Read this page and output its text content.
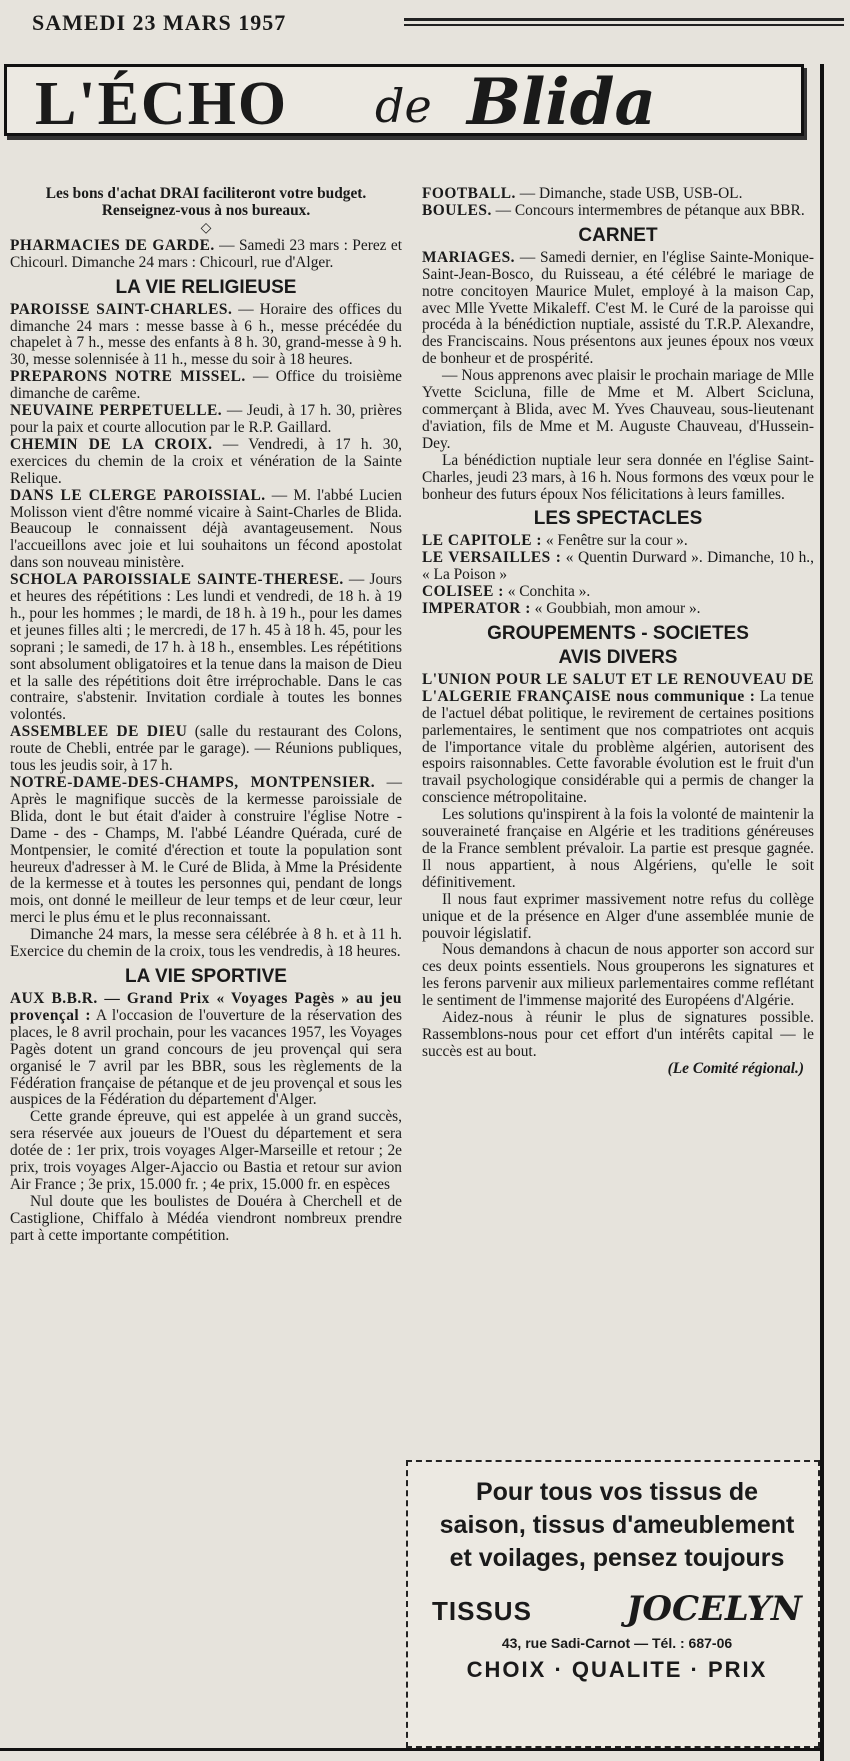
SAMEDI 23 MARS 1957
L'ÉCHO de Blida

Les bons d'achat DRAI faciliteront votre budget. Renseignez-vous à nos bureaux.

◇

PHARMACIES DE GARDE. — Samedi 23 mars : Perez et Chicourl. Dimanche 24 mars : Chicourl, rue d'Alger.

LA VIE RELIGIEUSE

PAROISSE SAINT-CHARLES. — Horaire des offices du dimanche 24 mars : messe basse à 6 h., messe précédée du chapelet à 7 h., messe des enfants à 8 h. 30, grand-messe à 9 h. 30, messe solennisée à 11 h., messe du soir à 18 heures.

PREPARONS NOTRE MISSEL. — Office du troisième dimanche de carême.

NEUVAINE PERPETUELLE. — Jeudi, à 17 h. 30, prières pour la paix et courte allocution par le R.P. Gaillard.

CHEMIN DE LA CROIX. — Vendredi, à 17 h. 30, exercices du chemin de la croix et vénération de la Sainte Relique.

DANS LE CLERGE PAROISSIAL. — M. l'abbé Lucien Molisson vient d'être nommé vicaire à Saint-Charles de Blida. Beaucoup le connaissent déjà avantageusement. Nous l'accueillons avec joie et lui souhaitons un fécond apostolat dans son nouveau ministère.

SCHOLA PAROISSIALE SAINTE-THERESE. — Jours et heures des répétitions : Les lundi et vendredi, de 18 h. à 19 h., pour les hommes ; le mardi, de 18 h. à 19 h., pour les dames et jeunes filles alti ; le mercredi, de 17 h. 45 à 18 h. 45, pour les soprani ; le samedi, de 17 h. à 18 h., ensembles. Les répétitions sont absolument obligatoires et la tenue dans la maison de Dieu et la salle des répétitions doit être irréprochable. Dans le cas contraire, s'abstenir. Invitation cordiale à toutes les bonnes volontés.

ASSEMBLEE DE DIEU (salle du restaurant des Colons, route de Chebli, entrée par le garage). — Réunions publiques, tous les jeudis soir, à 17 h.

NOTRE-DAME-DES-CHAMPS, MONTPENSIER. — Après le magnifique succès de la kermesse paroissiale de Blida, dont le but était d'aider à construire l'église Notre - Dame - des - Champs, M. l'abbé Léandre Quérada, curé de Montpensier, le comité d'érection et toute la population sont heureux d'adresser à M. le Curé de Blida, à Mme la Présidente de la kermesse et à toutes les personnes qui, pendant de longs mois, ont donné le meilleur de leur temps et de leur cœur, leur merci le plus ému et le plus reconnaissant.

Dimanche 24 mars, la messe sera célébrée à 8 h. et à 11 h. Exercice du chemin de la croix, tous les vendredis, à 18 heures.

LA VIE SPORTIVE

AUX B.B.R. — Grand Prix « Voyages Pagès » au jeu provençal : A l'occasion de l'ouverture de la réservation des places, le 8 avril prochain, pour les vacances 1957, les Voyages Pagès dotent un grand concours de jeu provençal qui sera organisé le 7 avril par les BBR, sous les règlements de la Fédération française de pétanque et de jeu provençal et sous les auspices de la Fédération du département d'Alger.

Cette grande épreuve, qui est appelée à un grand succès, sera réservée aux joueurs de l'Ouest du département et sera dotée de : 1er prix, trois voyages Alger-Marseille et retour ; 2e prix, trois voyages Alger-Ajaccio ou Bastia et retour sur avion Air France ; 3e prix, 15.000 fr. ; 4e prix, 15.000 fr. en espèces

Nul doute que les boulistes de Douéra à Cherchell et de Castiglione, Chiffalo à Médéa viendront nombreux prendre part à cette importante compétition.

FOOTBALL. — Dimanche, stade USB, USB-OL.

BOULES. — Concours intermembres de pétanque aux BBR.

CARNET

MARIAGES. — Samedi dernier, en l'église Sainte-Monique-Saint-Jean-Bosco, du Ruisseau, a été célébré le mariage de notre concitoyen Maurice Mulet, employé à la maison Cap, avec Mlle Yvette Mikaleff. C'est M. le Curé de la paroisse qui procéda à la bénédiction nuptiale, assisté du T.R.P. Alexandre, des Franciscains. Nous présentons aux jeunes époux nos vœux de bonheur et de prospérité.

— Nous apprenons avec plaisir le prochain mariage de Mlle Yvette Scicluna, fille de Mme et M. Albert Scicluna, commerçant à Blida, avec M. Yves Chauveau, sous-lieutenant d'aviation, fils de Mme et M. Auguste Chauveau, d'Hussein-Dey.

La bénédiction nuptiale leur sera donnée en l'église Saint-Charles, jeudi 23 mars, à 16 h. Nous formons des vœux pour le bonheur des futurs époux Nos félicitations à leurs familles.

LES SPECTACLES

LE CAPITOLE : « Fenêtre sur la cour ».

LE VERSAILLES : « Quentin Durward ». Dimanche, 10 h., « La Poison »

COLISEE : « Conchita ».

IMPERATOR : « Goubbiah, mon amour ».

GROUPEMENTS - SOCIETES
AVIS DIVERS

L'UNION POUR LE SALUT ET LE RENOUVEAU DE L'ALGERIE FRANÇAISE nous communique : La tenue de l'actuel débat politique, le revirement de certaines positions parlementaires, le sentiment que nos compatriotes ont acquis de l'importance vitale du problème algérien, autorisent des espoirs raisonnables. Cette favorable évolution est le fruit d'un travail psychologique considérable qui a permis de changer la conscience métropolitaine.

Les solutions qu'inspirent à la fois la volonté de maintenir la souveraineté française en Algérie et les traditions généreuses de la France semblent prévaloir. La partie est presque gagnée. Il nous appartient, à nous Algériens, qu'elle le soit définitivement.

Il nous faut exprimer massivement notre refus du collège unique et de la présence en Alger d'une assemblée munie de pouvoir législatif.

Nous demandons à chacun de nous apporter son accord sur ces deux points essentiels. Nous grouperons les signatures et les ferons parvenir aux milieux parlementaires comme reflétant le sentiment de l'immense majorité des Européens d'Algérie.

Aidez-nous à réunir le plus de signatures possible. Rassemblons-nous pour cet effort d'un intérêts capital — le succès est au bout.

(Le Comité régional.)

Pour tous vos tissus de saison, tissus d'ameublement et voilages, pensez toujours
TISSUS	JOCELYN
43, rue Sadi-Carnot — Tél. : 687-06
CHOIX · QUALITE · PRIX
